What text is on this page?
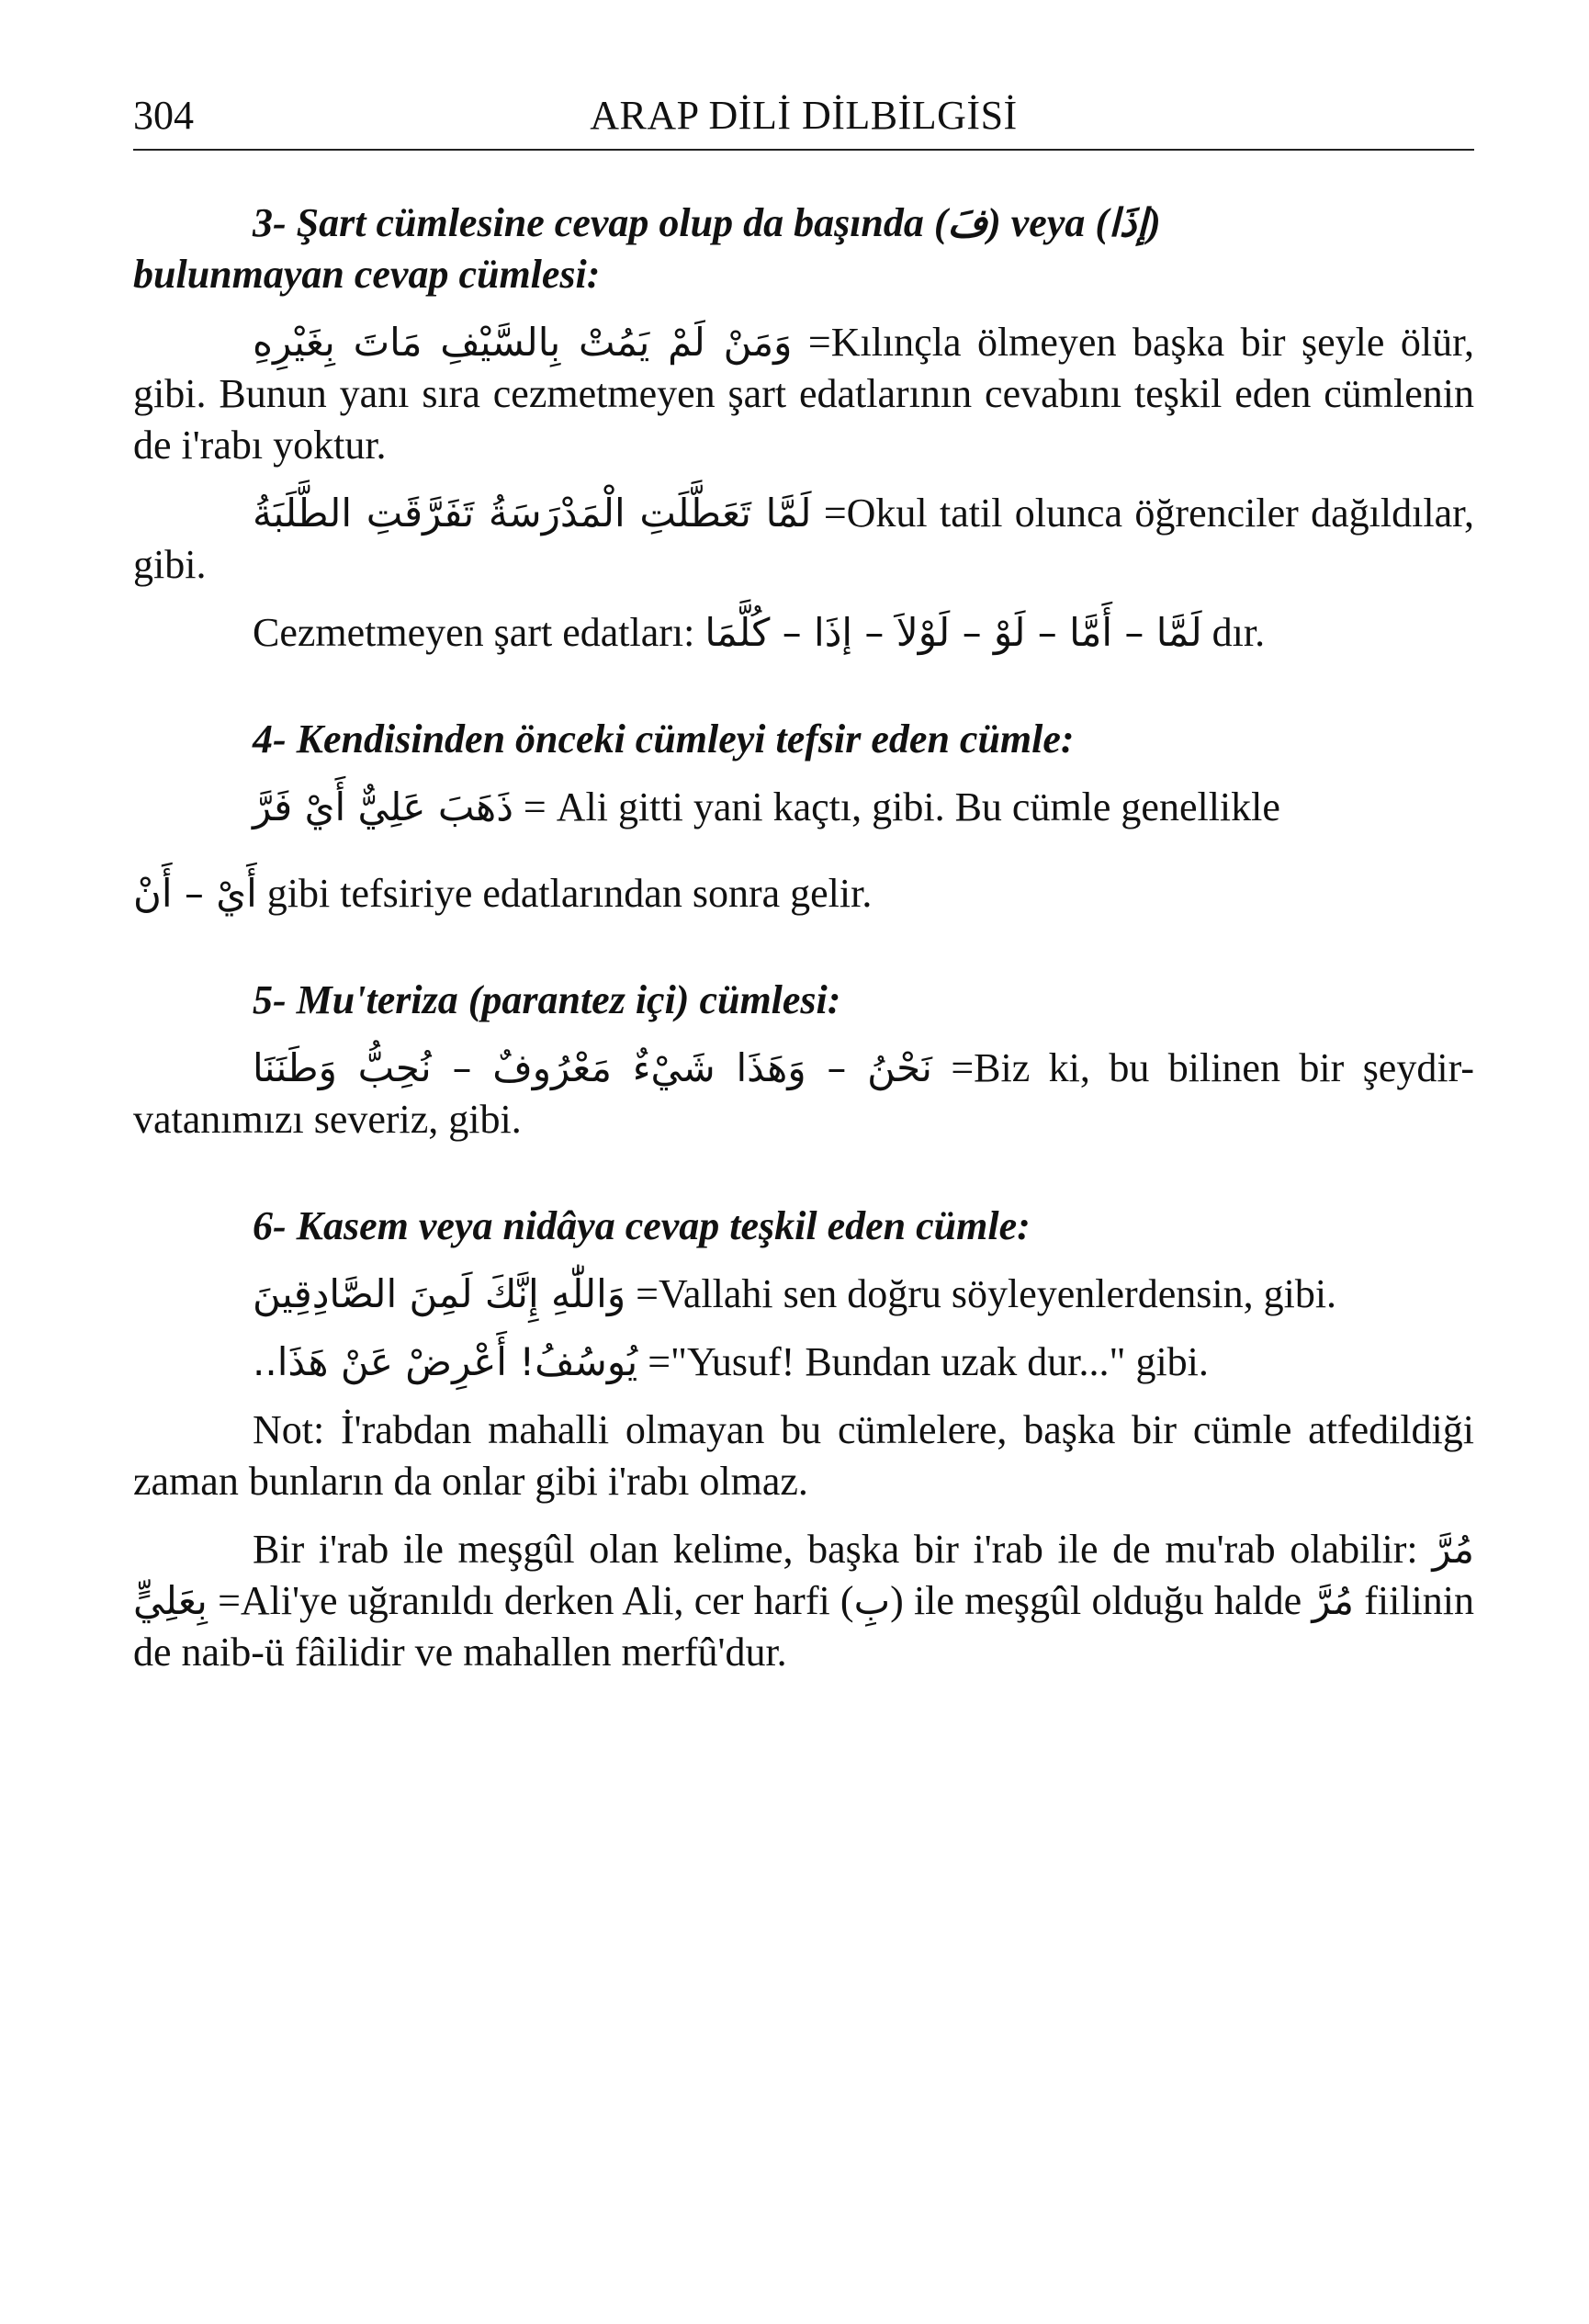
304	ARAP DİLİ DİLBİLGİSİ

3- Şart cümlesine cevap olup da başında (فَ) veya (إذَا)

bulunmayan cevap cümlesi:

وَمَنْ لَمْ يَمُتْ بِالسَّيْفِ مَاتَ بِغَيْرِهِ =Kılınçla ölmeyen başka bir şeyle ölür, gibi. Bunun yanı sıra cezmetmeyen şart edatlarının cevabını teşkil eden cümlenin de i'rabı yoktur.

لَمَّا تَعَطَّلَتِ الْمَدْرَسَةُ تَفَرَّقَتِ الطَّلَبَةُ =Okul tatil olunca öğrenciler dağıldılar, gibi.

Cezmetmeyen şart edatları: لَمَّا – أَمَّا – لَوْ – لَوْلاَ – إذَا – كُلَّمَا dır.

4- Kendisinden önceki cümleyi tefsir eden cümle:

ذَهَبَ عَلِيٌّ أَيْ فَرَّ = Ali gitti yani kaçtı, gibi. Bu cümle genellikle

أَيْ – أَنْ gibi tefsiriye edatlarından sonra gelir.

5- Mu'teriza (parantez içi) cümlesi:

نَحْنُ – وَهَذَا شَيْءٌ مَعْرُوفٌ – نُحِبُّ وَطَنَنَا =Biz ki, bu bilinen bir şeydir- vatanımızı severiz, gibi.

6- Kasem veya nidâya cevap teşkil eden cümle:

وَاللّٰهِ إِنَّكَ لَمِنَ الصَّادِقِينَ =Vallahi sen doğru söyleyenlerdensin, gibi.

يُوسُفُ! أَعْرِضْ عَنْ هَذَا.. ="Yusuf! Bundan uzak dur..." gibi.

Not: İ'rabdan mahalli olmayan bu cümlelere, başka bir cümle atfedildiği zaman bunların da onlar gibi i'rabı olmaz.

Bir i'rab ile meşgûl olan kelime, başka bir i'rab ile de mu'rab olabilir: مُرَّ بِعَلِيٍّ =Ali'ye uğranıldı derken Ali, cer harfi (بِ) ile meşgûl olduğu halde مُرَّ fiilinin de naib-ü fâilidir ve mahallen merfû'dur.
